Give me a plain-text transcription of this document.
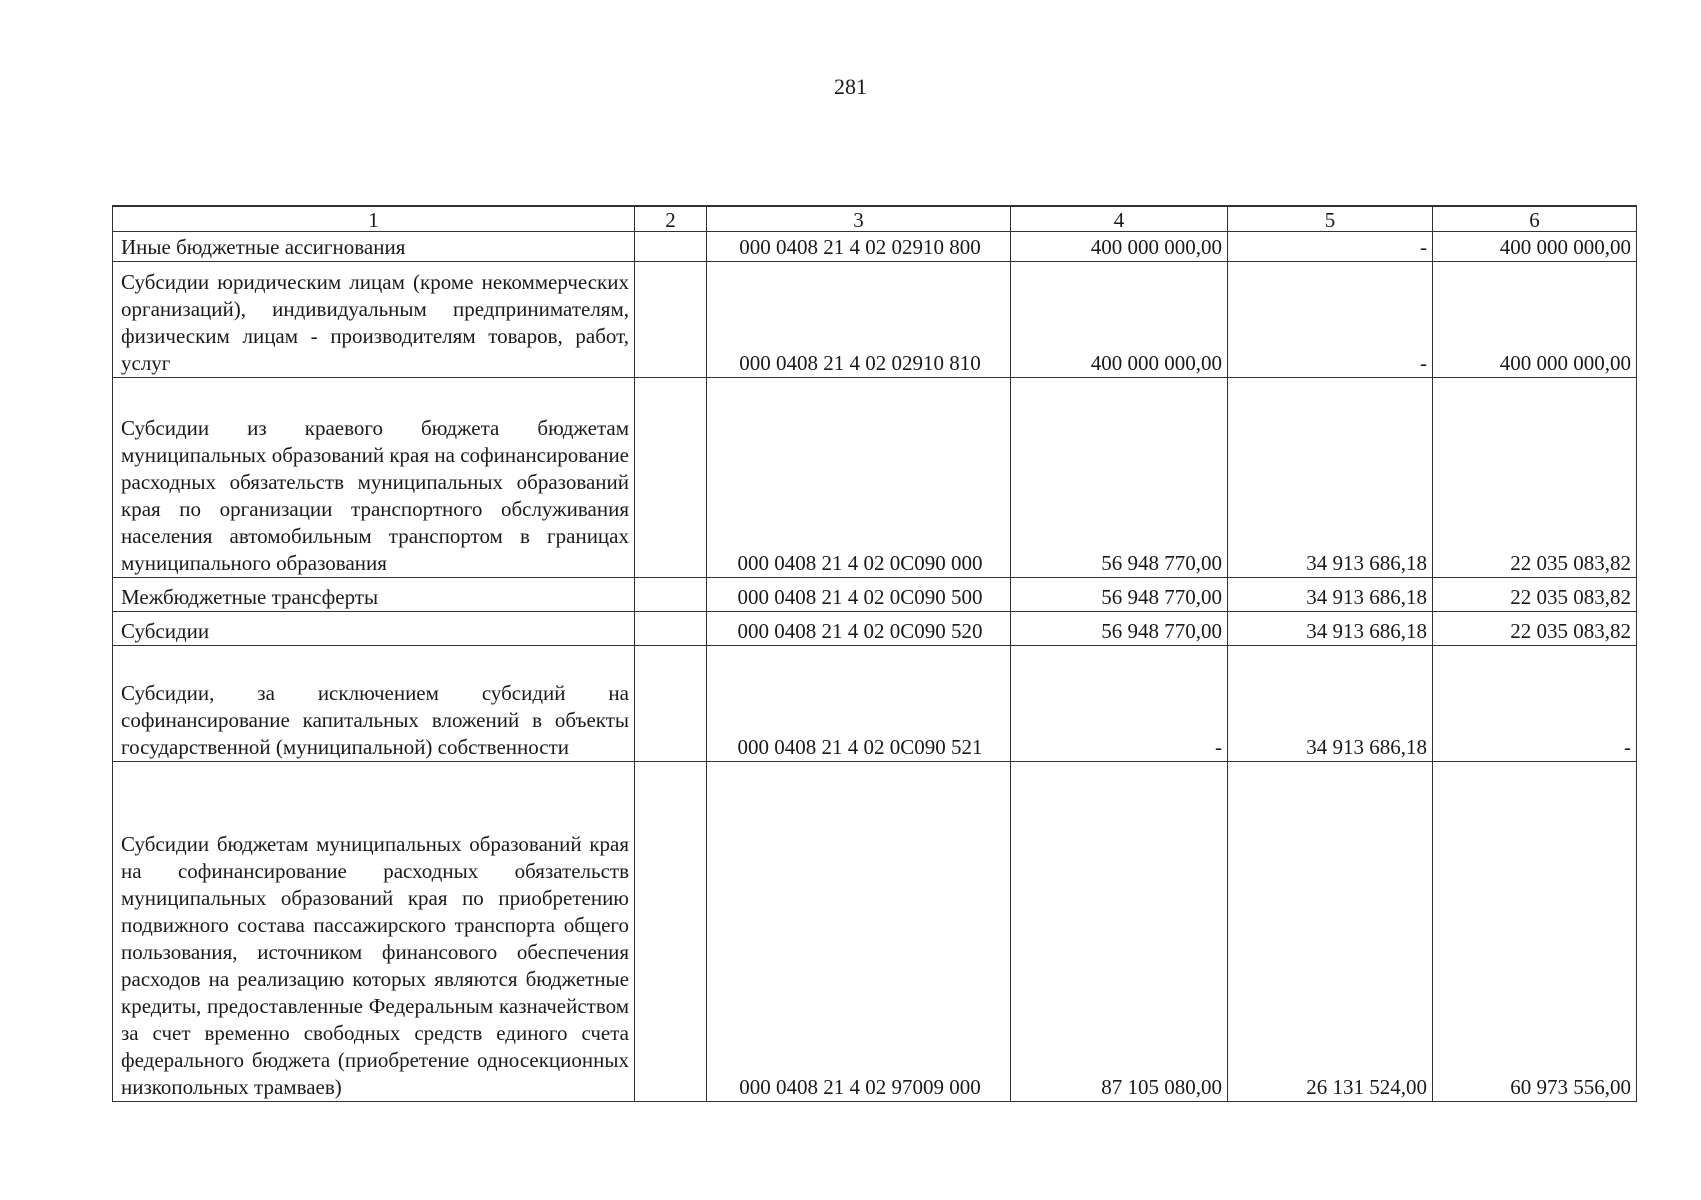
281
1	2	3	4	5	6
Иные бюджетные ассигнования		000 0408 21 4 02 02910 800	400 000 000,00	-	400 000 000,00
Субсидии юридическим лицам (кроме некоммерческих организаций), индивидуальным предпринимателям, физическим лицам - производителям товаров, работ, услуг		000 0408 21 4 02 02910 810	400 000 000,00	-	400 000 000,00
Субсидии из краевого бюджета бюджетам муниципальных образований края на софинансирование расходных обязательств муниципальных образований края по организации транспортного обслуживания населения автомобильным транспортом в границах муниципального образования		000 0408 21 4 02 0С090 000	56 948 770,00	34 913 686,18	22 035 083,82
Межбюджетные трансферты		000 0408 21 4 02 0С090 500	56 948 770,00	34 913 686,18	22 035 083,82
Субсидии		000 0408 21 4 02 0С090 520	56 948 770,00	34 913 686,18	22 035 083,82
Субсидии, за исключением субсидий на софинансирование капитальных вложений в объекты государственной (муниципальной) собственности		000 0408 21 4 02 0С090 521	-	34 913 686,18	-
Субсидии бюджетам муниципальных образований края на софинансирование расходных обязательств муниципальных образований края по приобретению подвижного состава пассажирского транспорта общего пользования, источником финансового обеспечения расходов на реализацию которых являются бюджетные кредиты, предоставленные Федеральным казначейством за счет временно свободных средств единого счета федерального бюджета (приобретение односекционных низкопольных трамваев)		000 0408 21 4 02 97009 000	87 105 080,00	26 131 524,00	60 973 556,00
